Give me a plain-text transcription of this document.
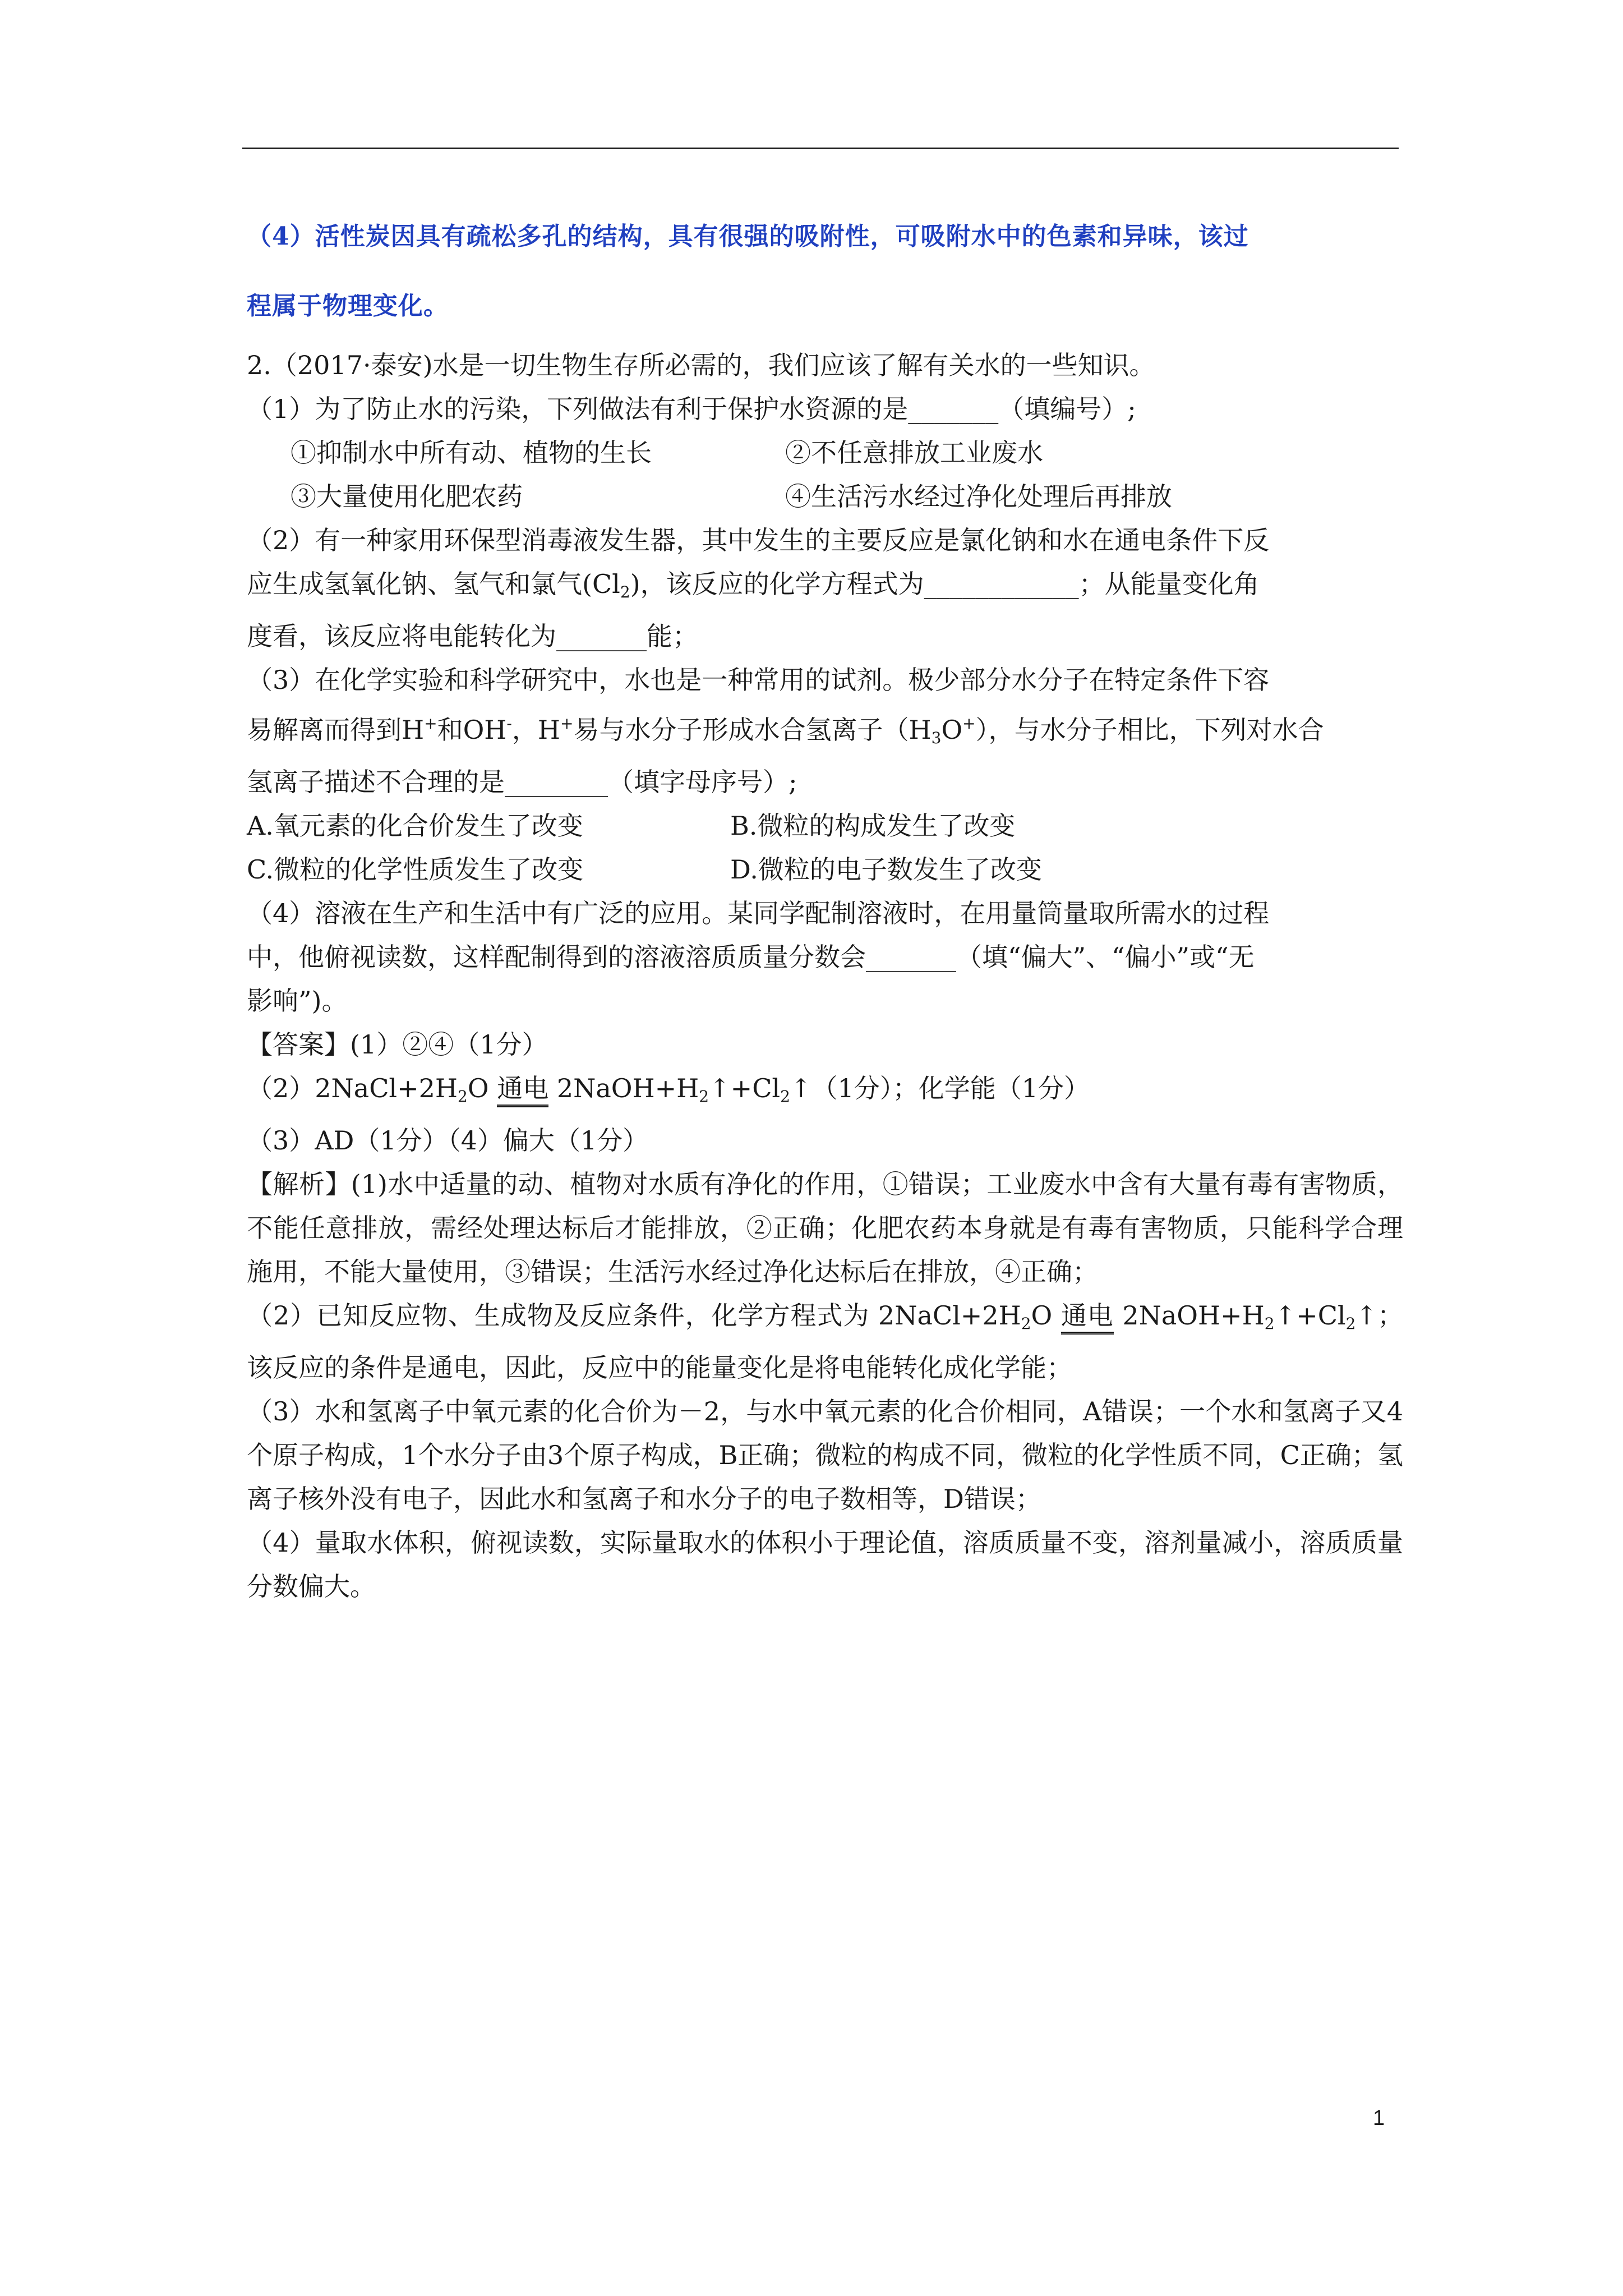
（4）活性炭因具有疏松多孔的结构，具有很强的吸附性，可吸附水中的色素和异味，该过
程属于物理变化。

2.（2017·泰安)水是一切生物生存所必需的，我们应该了解有关水的一些知识。

（1）为了防止水的污染，下列做法有利于保护水资源的是_______（填编号）;

①抑制水中所有动、植物的生长	②不任意排放工业废水
③大量使用化肥农药	④生活污水经过净化处理后再排放

（2）有一种家用环保型消毒液发生器，其中发生的主要反应是氯化钠和水在通电条件下反

应生成氢氧化钠、氢气和氯气$(Cl_2)$，该反应的化学方程式为____________；从能量变化角

度看，该反应将电能转化为_______能；

（3）在化学实验和科学研究中，水也是一种常用的试剂。极少部分水分子在特定条件下容

易解离而得到H+和OH-，H+易与水分子形成水合氢离子$(H_3O^+)$，与水分子相比，下列对水合

氢离子描述不合理的是________（填字母序号）;

A.氧元素的化合价发生了改变	B.微粒的构成发生了改变
C.微粒的化学性质发生了改变	D.微粒的电子数发生了改变

（4）溶液在生产和生活中有广泛的应用。某同学配制溶液时，在用量筒量取所需水的过程

中，他俯视读数，这样配制得到的溶液溶质质量分数会_______（填“偏大”、“偏小”或“无

影响”)。

【答案】(1）②④（1分）

$(2)2NaCl+2H_2O$ 通电 $2NaOH+H_2↑+Cl_2↑(1$分）；化学能（1分）

（3）AD（1分）（4）偏大（1分）

【解析】(1)水中适量的动、植物对水质有净化的作用，①错误；工业废水中含有大量有毒有害物质，不能任意排放，需经处理达标后才能排放，②正确；化肥农药本身就是有毒有害物质，只能科学合理施用，不能大量使用，③错误；生活污水经过净化达标后在排放，④正确；

（2）已知反应物、生成物及反应条件，化学方程式为 $2NaCl+2H_2O$ 通电 $2NaOH+H_2↑+Cl_2↑$；该反应的条件是通电，因此，反应中的能量变化是将电能转化成化学能；

（3）水和氢离子中氧元素的化合价为－2，与水中氧元素的化合价相同，A错误；一个水和氢离子又4个原子构成，1个水分子由3个原子构成，B正确；微粒的构成不同，微粒的化学性质不同，C正确；氢离子核外没有电子，因此水和氢离子和水分子的电子数相等，D错误；

（4）量取水体积，俯视读数，实际量取水的体积小于理论值，溶质质量不变，溶剂量减小，溶质质量分数偏大。

1
